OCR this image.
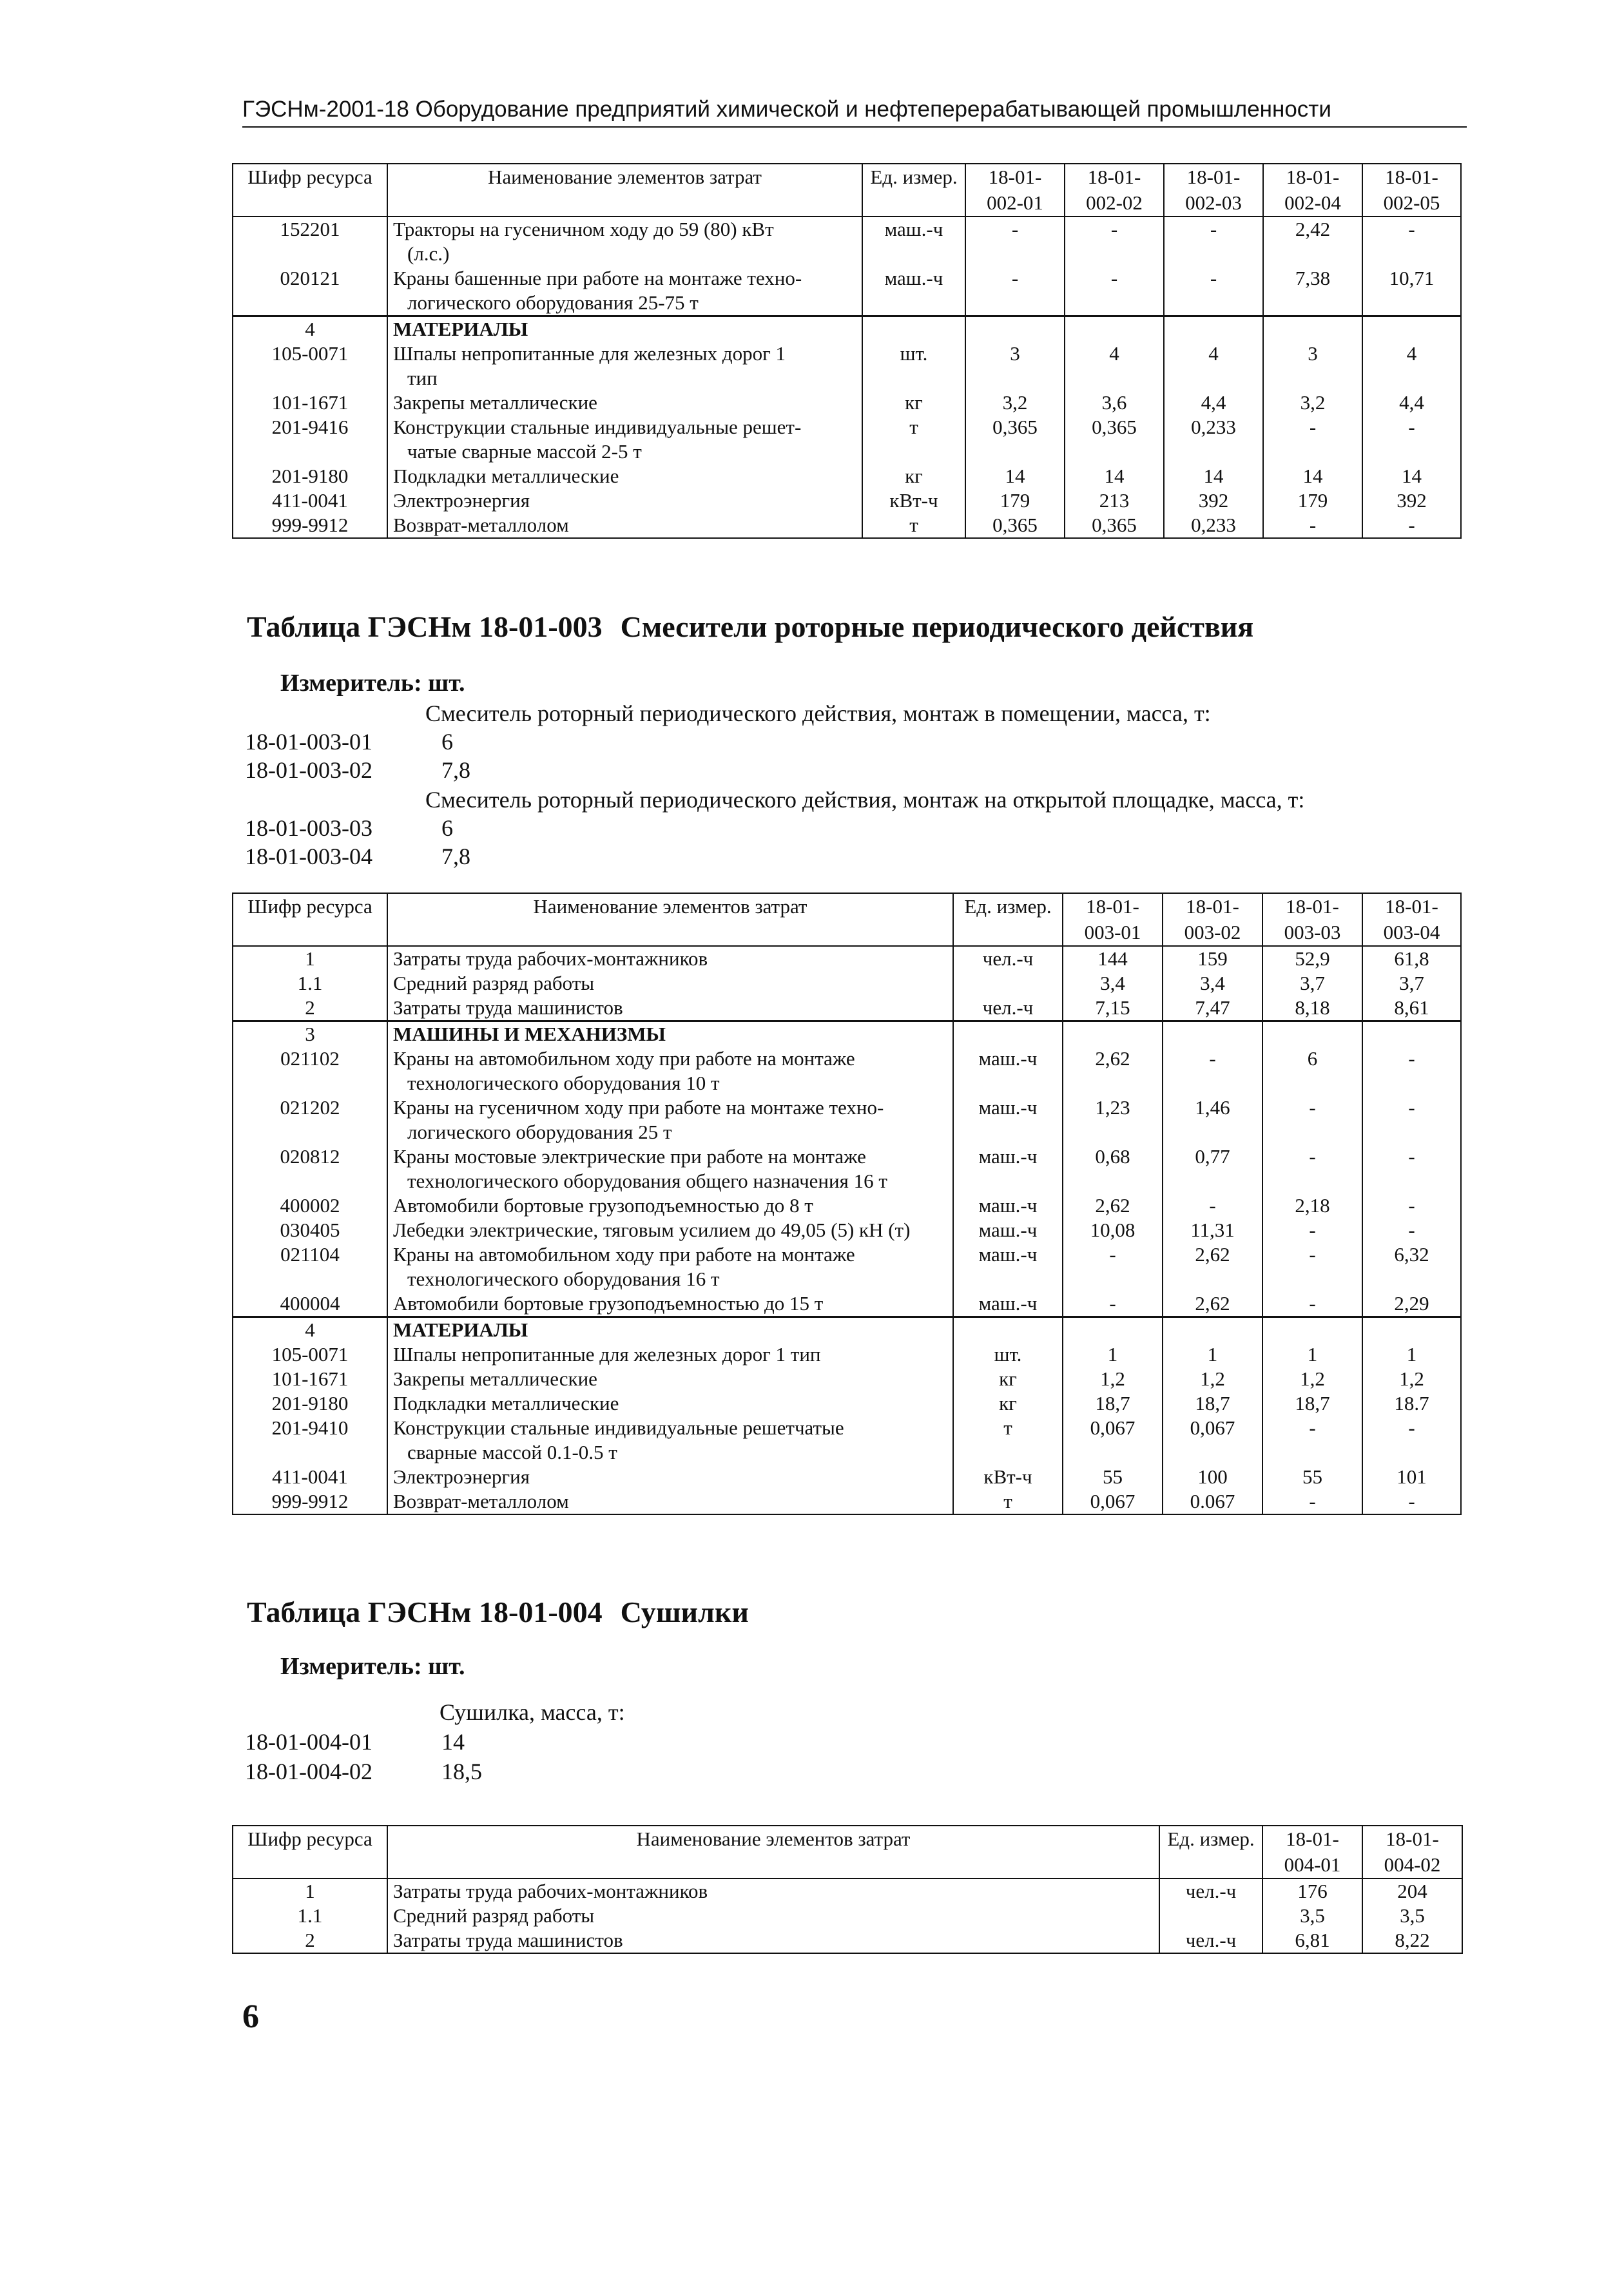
ГЭСНм-2001-18 Оборудование предприятий химической и нефтеперерабатывающей промышленности
Шифр ресурса	Наименование элементов затрат	Ед. измер.	18-01-
002-01	18-01-
002-02	18-01-
002-03	18-01-
002-04	18-01-
002-05
152201	Тракторы на гусеничном ходу до 59 (80) кВт
(л.с.)	маш.-ч	-	-	-	2,42	-
020121	Краны башенные при работе на монтаже техно-
логического оборудования 25-75 т	маш.-ч	-	-	-	7,38	10,71
4	МАТЕРИАЛЫ						
105-0071	Шпалы непропитанные для железных дорог 1
тип	шт.	3	4	4	3	4
101-1671	Закрепы металлические	кг	3,2	3,6	4,4	3,2	4,4
201-9416	Конструкции стальные индивидуальные решет-
чатые сварные массой 2-5 т	т	0,365	0,365	0,233	-	-
201-9180	Подкладки металлические	кг	14	14	14	14	14
411-0041	Электроэнергия	кВт-ч	179	213	392	179	392
999-9912	Возврат-металлолом	т	0,365	0,365	0,233	-	-
Таблица ГЭСНм 18-01-003 Смесители роторные периодического действия
Измеритель: шт.
Смеситель роторный периодического действия, монтаж в помещении, масса, т:
18-01-003-01	6
18-01-003-02	7,8
Смеситель роторный периодического действия, монтаж на открытой площадке, масса, т:
18-01-003-03	6
18-01-003-04	7,8
Шифр ресурса	Наименование элементов затрат	Ед. измер.	18-01-
003-01	18-01-
003-02	18-01-
003-03	18-01-
003-04
1	Затраты труда рабочих-монтажников	чел.-ч	144	159	52,9	61,8
1.1	Средний разряд работы		3,4	3,4	3,7	3,7
2	Затраты труда машинистов	чел.-ч	7,15	7,47	8,18	8,61
3	МАШИНЫ И МЕХАНИЗМЫ					
021102	Краны на автомобильном ходу при работе на монтаже
технологического оборудования 10 т	маш.-ч	2,62	-	6	-
021202	Краны на гусеничном ходу при работе на монтаже техно-
логического оборудования 25 т	маш.-ч	1,23	1,46	-	-
020812	Краны мостовые электрические при работе на монтаже
технологического оборудования общего назначения 16 т	маш.-ч	0,68	0,77	-	-
400002	Автомобили бортовые грузоподъемностью до 8 т	маш.-ч	2,62	-	2,18	-
030405	Лебедки электрические, тяговым усилием до 49,05 (5) кН (т)	маш.-ч	10,08	11,31	-	-
021104	Краны на автомобильном ходу при работе на монтаже
технологического оборудования 16 т	маш.-ч	-	2,62	-	6,32
400004	Автомобили бортовые грузоподъемностью до 15 т	маш.-ч	-	2,62	-	2,29
4	МАТЕРИАЛЫ					
105-0071	Шпалы непропитанные для железных дорог 1 тип	шт.	1	1	1	1
101-1671	Закрепы металлические	кг	1,2	1,2	1,2	1,2
201-9180	Подкладки металлические	кг	18,7	18,7	18,7	18.7
201-9410	Конструкции стальные индивидуальные решетчатые
сварные массой 0.1-0.5 т	т	0,067	0,067	-	-
411-0041	Электроэнергия	кВт-ч	55	100	55	101
999-9912	Возврат-металлолом	т	0,067	0.067	-	-
Таблица ГЭСНм 18-01-004 Сушилки
Измеритель: шт.
Сушилка, масса, т:
18-01-004-01	14
18-01-004-02	18,5
Шифр ресурса	Наименование элементов затрат	Ед. измер.	18-01-
004-01	18-01-
004-02
1	Затраты труда рабочих-монтажников	чел.-ч	176	204
1.1	Средний разряд работы		3,5	3,5
2	Затраты труда машинистов	чел.-ч	6,81	8,22
6
